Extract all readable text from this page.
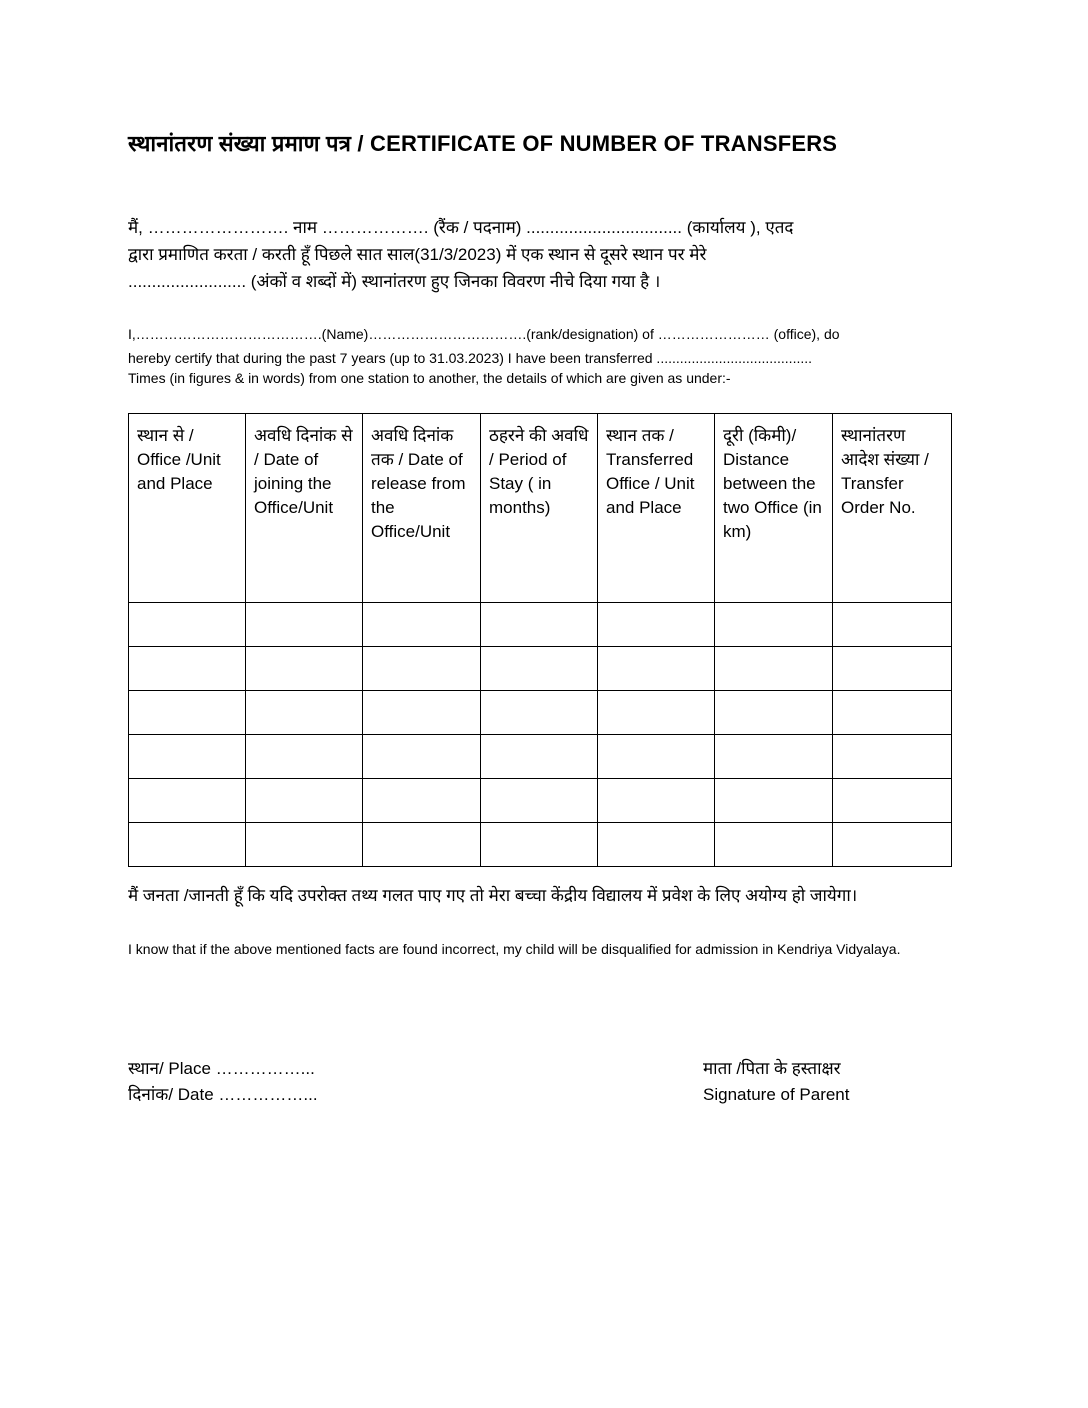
स्थानांतरण संख्या प्रमाण पत्र / CERTIFICATE OF NUMBER OF TRANSFERS
मैं, ……………………. नाम ………………. (रैंक / पदनाम) ................................. (कार्यालय ), एतद
द्वारा प्रमाणित करता / करती हूँ पिछले सात साल(31/3/2023) में एक स्थान से दूसरे स्थान पर मेरे
......................... (अंकों व शब्दों में) स्थानांतरण हुए जिनका विवरण नीचे दिया गया है ।
I,………………………………….(Name)…………………………….(rank/designation) of …………………… (office), do
hereby certify that during the past 7 years (up to 31.03.2023) I have been transferred ........................................
Times (in figures & in words) from one station to another, the details of which are given as under:-
स्थान से / Office /Unit and Place	अवधि दिनांक से / Date of joining the Office/Unit	अवधि दिनांक तक / Date of release from the Office/Unit	ठहरने की अवधि / Period of Stay ( in months)	स्थान तक / Transferred Office / Unit and Place	दूरी (किमी)/ Distance between the two Office (in km)	स्थानांतरण आदेश संख्या / Transfer Order No.

मैं जनता /जानती हूँ कि यदि उपरोक्त तथ्य गलत पाए गए तो मेरा बच्चा केंद्रीय विद्यालय में प्रवेश के लिए अयोग्य हो जायेगा।
I know that if the above mentioned facts are found incorrect, my child will be disqualified for admission in Kendriya Vidyalaya.
स्थान/ Place ……………...
दिनांक/ Date ……………...
माता /पिता के हस्ताक्षर
Signature of Parent
